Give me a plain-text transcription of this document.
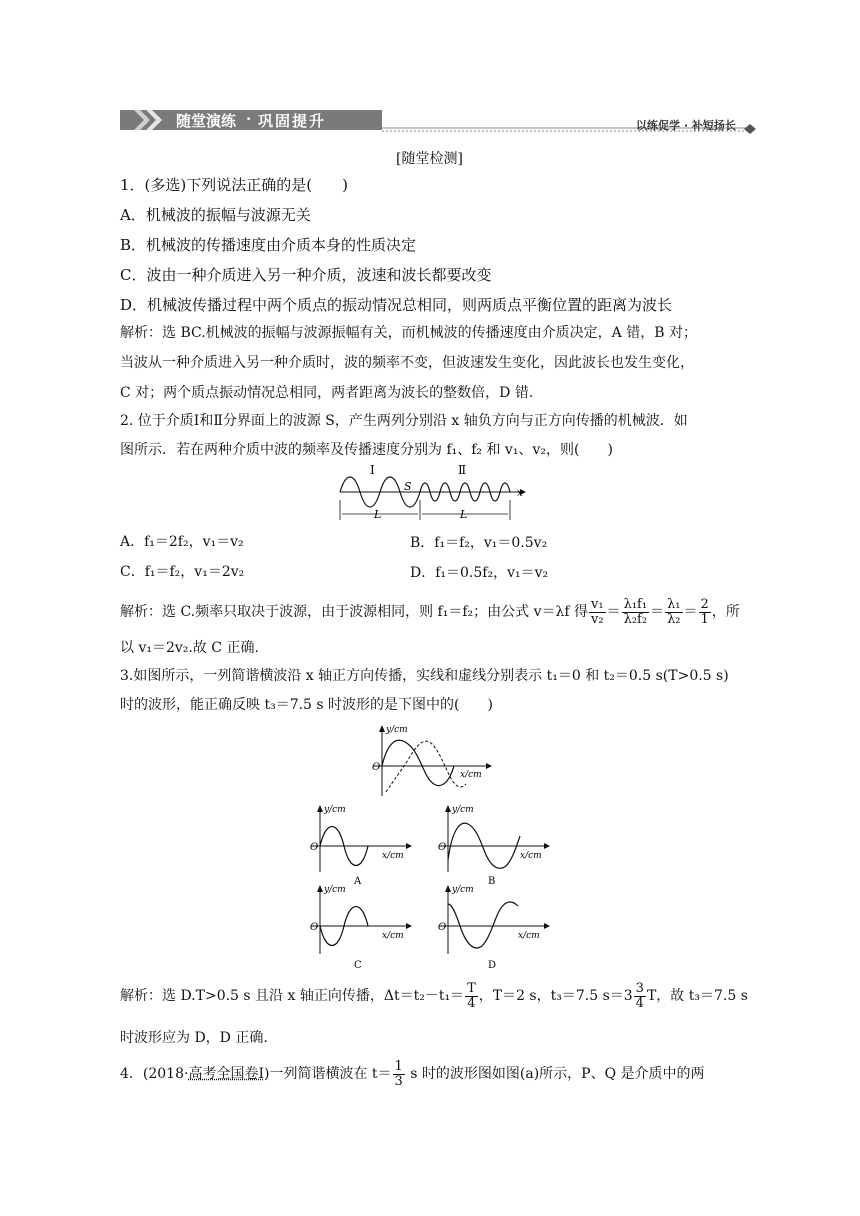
随堂演练 · 巩固提升	以练促学 · 补短扬长
[随堂检测]
1．(多选)下列说法正确的是(　　)
A．机械波的振幅与波源无关
B．机械波的传播速度由介质本身的性质决定
C．波由一种介质进入另一种介质，波速和波长都要改变
D．机械波传播过程中两个质点的振动情况总相同，则两质点平衡位置的距离为波长
解析：选 BC.机械波的振幅与波源振幅有关，而机械波的传播速度由介质决定，A 错，B 对；
当波从一种介质进入另一种介质时，波的频率不变，但波速发生变化，因此波长也发生变化，
C 对；两个质点振动情况总相同，两者距离为波长的整数倍，D 错.
2. 位于介质Ⅰ和Ⅱ分界面上的波源 S，产生两列分别沿 x 轴负方向与正方向传播的机械波．如
图所示．若在两种介质中波的频率及传播速度分别为 f₁、f₂ 和 v₁、v₂，则(　　)
Ⅰ	Ⅱ
S
x
L	L
A．f₁＝2f₂，v₁＝v₂	B．f₁＝f₂，v₁＝0.5v₂
C．f₁＝f₂，v₁＝2v₂	D．f₁＝0.5f₂，v₁＝v₂
解析：选 C.频率只取决于波源，由于波源相同，则 f₁＝f₂；由公式 v＝λf 得 $\frac{\text{v₁}}{\text{v₂}} = \frac{\text{λ₁f₁}}{\text{λ₂f₂}} = \frac{\text{λ₁}}{\text{λ₂}} = \frac{2}{1}$ ，所
以 v₁＝2v₂.故 C 正确.
3.如图所示，一列简谐横波沿 x 轴正方向传播，实线和虚线分别表示 t₁＝0 和 t₂＝0.5 s(T>0.5 s)
时的波形，能正确反映 t₃＝7.5 s 时波形的是下图中的(　　)
y/cm
O
x/cm
y/cm
O
x/cm
A
y/cm
O
x/cm
B
y/cm
O
x/cm
C
y/cm
O
x/cm
D
解析：选 D.T>0.5 s 且沿 x 轴正向传播，$\Delta t=t_2-t_1= \frac{T}{4}$ ，T＝2 s，t₃＝7.5 $s=3 \frac{3}{4}$ T，故 t₃＝7.5 s
时波形应为 D，D 正确.
4．(2018·高考全国卷Ⅰ)一列简谐横波在 $t= \frac{1}{3}$ s 时的波形图如图(a)所示，P、Q 是介质中的两
